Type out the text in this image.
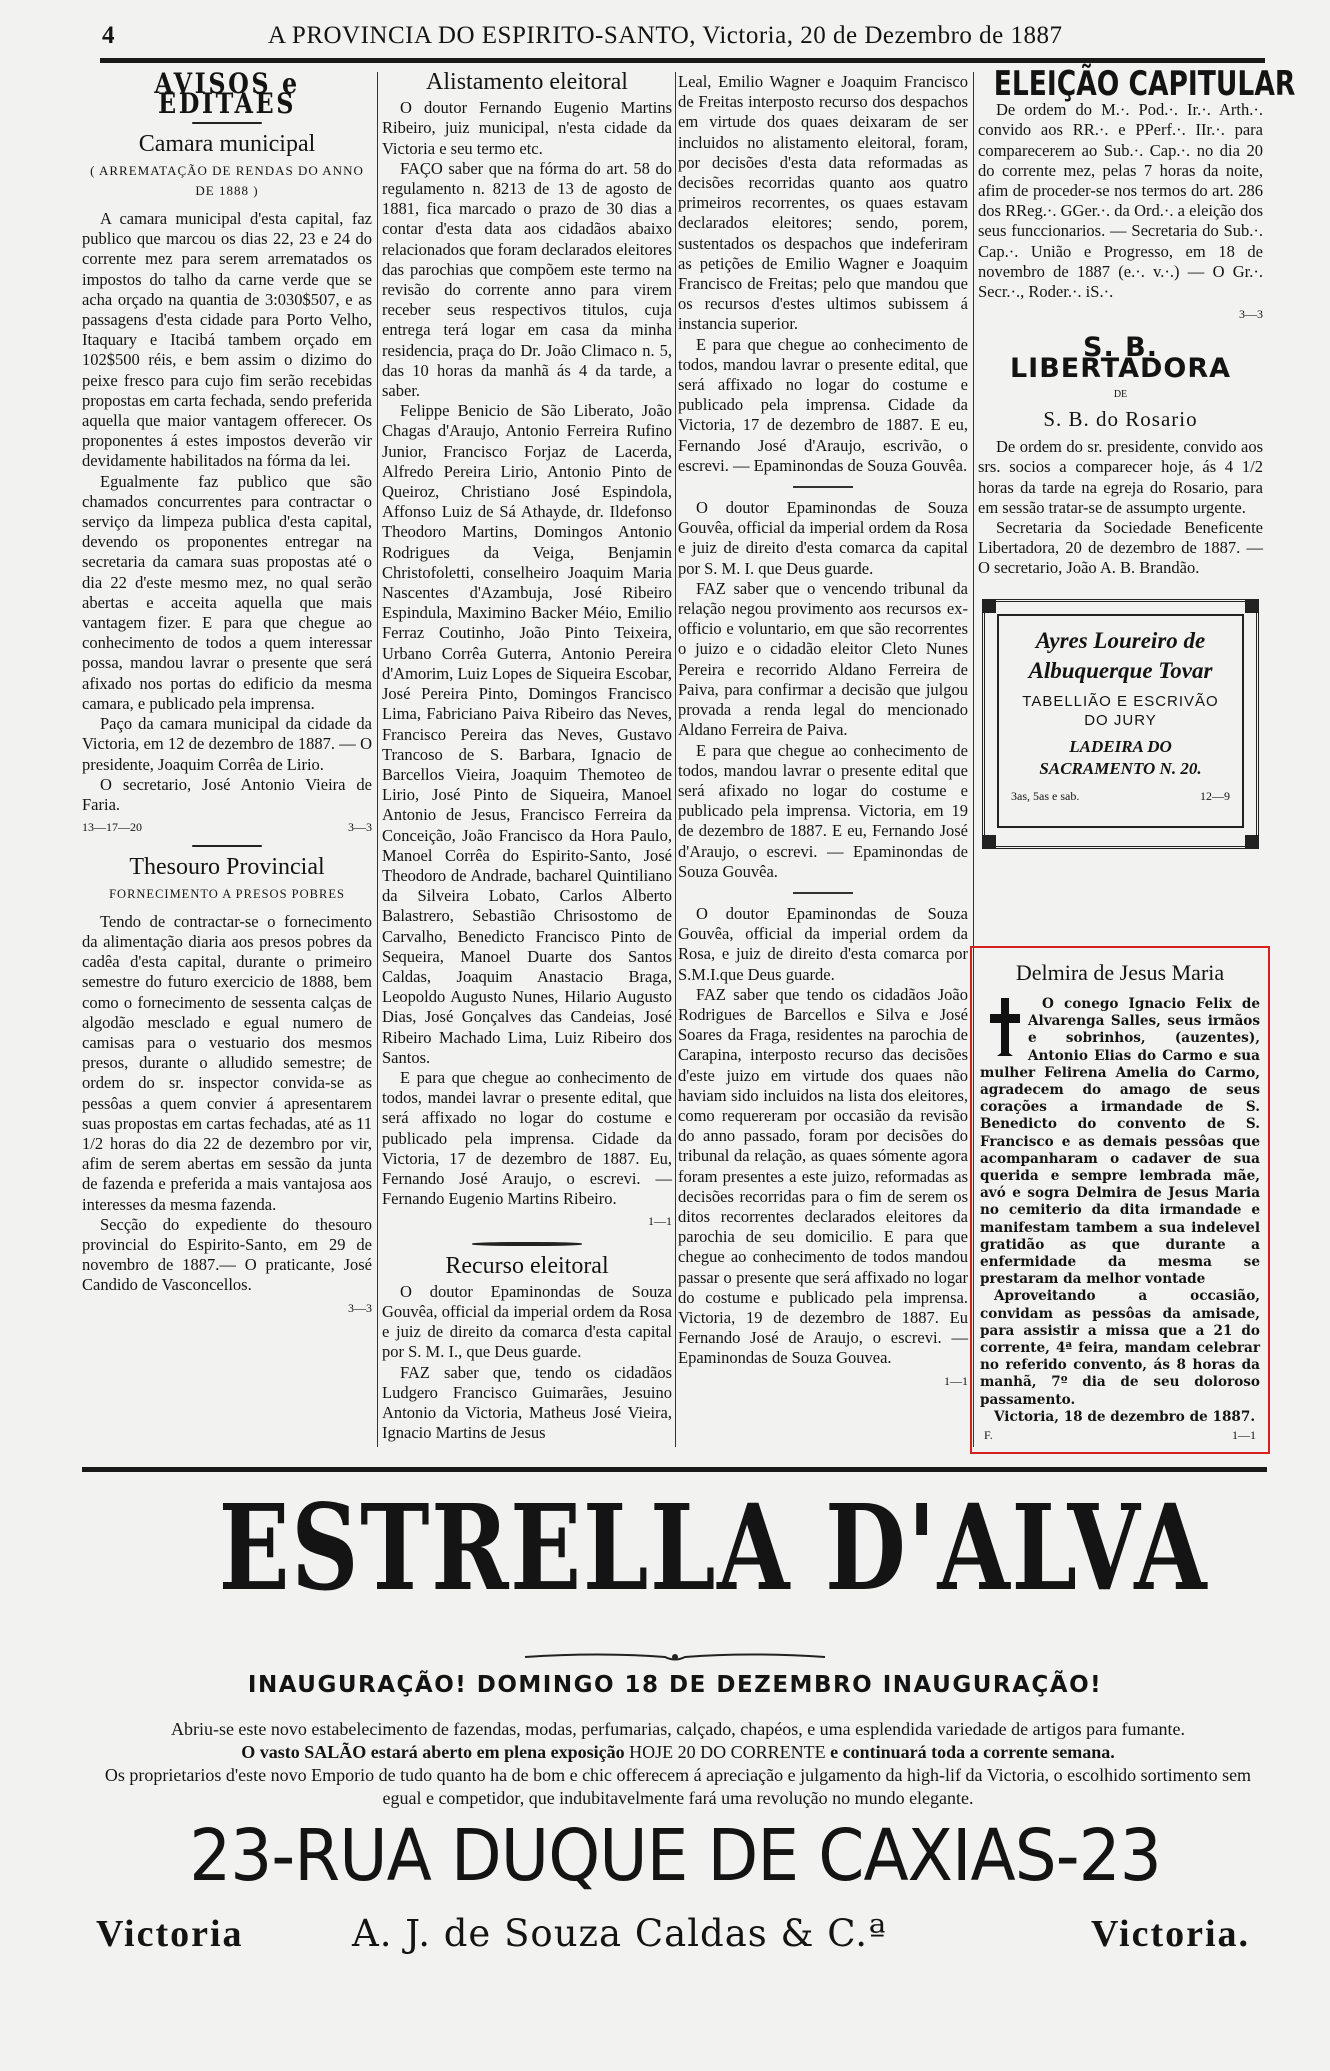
4	A PROVINCIA DO ESPIRITO-SANTO, Victoria, 20 de Dezembro de 1887
AVISOS e EDITAES
Camara municipal
( ARREMATAÇÃO DE RENDAS DO ANNO DE 1888 )

A camara municipal d'esta capital, faz publico que marcou os dias 22, 23 e 24 do corrente mez para serem arrematados os impostos do talho da carne verde que se acha orçado na quantia de 3:030$507, e as passagens d'esta cidade para Porto Velho, Itaquary e Itacibá tambem orçado em 102$500 réis, e bem assim o dizimo do peixe fresco para cujo fim serão recebidas propostas em carta fechada, sendo preferida aquella que maior vantagem offerecer. Os proponentes á estes impostos deverão vir devidamente habilitados na fórma da lei.

Egualmente faz publico que são chamados concurrentes para contractar o serviço da limpeza publica d'esta capital, devendo os proponentes entregar na secretaria da camara suas propostas até o dia 22 d'este mesmo mez, no qual serão abertas e acceita aquella que mais vantagem fizer. E para que chegue ao conhecimento de todos a quem interessar possa, mandou lavrar o presente que será afixado nos portas do edificio da mesma camara, e publicado pela imprensa.

Paço da camara municipal da cidade da Victoria, em 12 de dezembro de 1887. — O presidente, Joaquim Corrêa de Lirio.

O secretario, José Antonio Vieira de Faria.

13—17—20	3—3
Thesouro Provincial
FORNECIMENTO A PRESOS POBRES

Tendo de contractar-se o fornecimento da alimentação diaria aos presos pobres da cadêa d'esta capital, durante o primeiro semestre do futuro exercicio de 1888, bem como o fornecimento de sessenta calças de algodão mesclado e egual numero de camisas para o vestuario dos mesmos presos, durante o alludido semestre; de ordem do sr. inspector convida-se as pessôas a quem convier á apresentarem suas propostas em cartas fechadas, até as 11 1/2 horas do dia 22 de dezembro por vir, afim de serem abertas em sessão da junta de fazenda e preferida a mais vantajosa aos interesses da mesma fazenda.

Secção do expediente do thesouro provincial do Espirito-Santo, em 29 de novembro de 1887.— O praticante, José Candido de Vasconcellos.

3—3
Alistamento eleitoral

O doutor Fernando Eugenio Martins Ribeiro, juiz municipal, n'esta cidade da Victoria e seu termo etc.

FAÇO saber que na fórma do art. 58 do regulamento n. 8213 de 13 de agosto de 1881, fica marcado o prazo de 30 dias a contar d'esta data aos cidadãos abaixo relacionados que foram declarados eleitores das parochias que compõem este termo na revisão do corrente anno para virem receber seus respectivos titulos, cuja entrega terá logar em casa da minha residencia, praça do Dr. João Climaco n. 5, das 10 horas da manhã ás 4 da tarde, a saber.

Felippe Benicio de São Liberato, João Chagas d'Araujo, Antonio Ferreira Rufino Junior, Francisco Forjaz de Lacerda, Alfredo Pereira Lirio, Antonio Pinto de Queiroz, Christiano José Espindola, Affonso Luiz de Sá Athayde, dr. Ildefonso Theodoro Martins, Domingos Antonio Rodrigues da Veiga, Benjamin Christofoletti, conselheiro Joaquim Maria Nascentes d'Azambuja, José Ribeiro Espindula, Maximino Backer Méio, Emilio Ferraz Coutinho, João Pinto Teixeira, Urbano Corrêa Guterra, Antonio Pereira d'Amorim, Luiz Lopes de Siqueira Escobar, José Pereira Pinto, Domingos Francisco Lima, Fabriciano Paiva Ribeiro das Neves, Francisco Pereira das Neves, Gustavo Trancoso de S. Barbara, Ignacio de Barcellos Vieira, Joaquim Themoteo de Lirio, José Pinto de Siqueira, Manoel Antonio de Jesus, Francisco Ferreira da Conceição, João Francisco da Hora Paulo, Manoel Corrêa do Espirito-Santo, José Theodoro de Andrade, bacharel Quintiliano da Silveira Lobato, Carlos Alberto Balastrero, Sebastião Chrisostomo de Carvalho, Benedicto Francisco Pinto de Sequeira, Manoel Duarte dos Santos Caldas, Joaquim Anastacio Braga, Leopoldo Augusto Nunes, Hilario Augusto Dias, José Gonçalves das Candeias, José Ribeiro Machado Lima, Luiz Ribeiro dos Santos.

E para que chegue ao conhecimento de todos, mandei lavrar o presente edital, que será affixado no logar do costume e publicado pela imprensa. Cidade da Victoria, 17 de dezembro de 1887. Eu, Fernando José Araujo, o escrevi. — Fernando Eugenio Martins Ribeiro.

1—1
Recurso eleitoral

O doutor Epaminondas de Souza Gouvêa, official da imperial ordem da Rosa e juiz de direito da comarca d'esta capital por S. M. I., que Deus guarde.

FAZ saber que, tendo os cidadãos Ludgero Francisco Guimarães, Jesuino Antonio da Victoria, Matheus José Vieira, Ignacio Martins de Jesus

Leal, Emilio Wagner e Joaquim Francisco de Freitas interposto recurso dos despachos em virtude dos quaes deixaram de ser incluidos no alistamento eleitoral, foram, por decisões d'esta data reformadas as decisões recorridas quanto aos quatro primeiros recorrentes, os quaes estavam declarados eleitores; sendo, porem, sustentados os despachos que indeferiram as petições de Emilio Wagner e Joaquim Francisco de Freitas; pelo que mandou que os recursos d'estes ultimos subissem á instancia superior.

E para que chegue ao conhecimento de todos, mandou lavrar o presente edital, que será affixado no logar do costume e publicado pela imprensa. Cidade da Victoria, 17 de dezembro de 1887. E eu, Fernando José d'Araujo, escrivão, o escrevi. — Epaminondas de Souza Gouvêa.

O doutor Epaminondas de Souza Gouvêa, official da imperial ordem da Rosa e juiz de direito d'esta comarca da capital por S. M. I. que Deus guarde.

FAZ saber que o vencendo tribunal da relação negou provimento aos recursos ex-officio e voluntario, em que são recorrentes o juizo e o cidadão eleitor Cleto Nunes Pereira e recorrido Aldano Ferreira de Paiva, para confirmar a decisão que julgou provada a renda legal do mencionado Aldano Ferreira de Paiva.

E para que chegue ao conhecimento de todos, mandou lavrar o presente edital que será afixado no logar do costume e publicado pela imprensa. Victoria, em 19 de dezembro de 1887. E eu, Fernando José d'Araujo, o escrevi. — Epaminondas de Souza Gouvêa.

O doutor Epaminondas de Souza Gouvêa, official da imperial ordem da Rosa, e juiz de direito d'esta comarca por S.M.I.que Deus guarde.

FAZ saber que tendo os cidadãos João Rodrigues de Barcellos e Silva e José Soares da Fraga, residentes na parochia de Carapina, interposto recurso das decisões d'este juizo em virtude dos quaes não haviam sido incluidos na lista dos eleitores, como requereram por occasião da revisão do anno passado, foram por decisões do tribunal da relação, as quaes sómente agora foram presentes a este juizo, reformadas as decisões recorridas para o fim de serem os ditos recorrentes declarados eleitores da parochia de seu domicilio. E para que chegue ao conhecimento de todos mandou passar o presente que será affixado no logar do costume e publicado pela imprensa. Victoria, 19 de dezembro de 1887. Eu Fernando José de Araujo, o escrevi. — Epaminondas de Souza Gouvea.

1—1
ELEIÇÃO CAPITULAR

De ordem do M.·. Pod.·. Ir.·. Arth.·. convido aos RR.·. e PPerf.·. IIr.·. para comparecerem ao Sub.·. Cap.·. no dia 20 do corrente mez, pelas 7 horas da noite, afim de proceder-se nos termos do art. 286 dos RReg.·. GGer.·. da Ord.·. a eleição dos seus funccionarios. — Secretaria do Sub.·. Cap.·. União e Progresso, em 18 de novembro de 1887 (e.·. v.·.) — O Gr.·. Secr.·., Roder.·. iS.·.

3—3
S. B. LIBERTADORA
DE
S. B. do Rosario

De ordem do sr. presidente, convido aos srs. socios a comparecer hoje, ás 4 1/2 horas da tarde na egreja do Rosario, para em sessão tratar-se de assumpto urgente.

Secretaria da Sociedade Beneficente Libertadora, 20 de dezembro de 1887. — O secretario, João A. B. Brandão.

Ayres Loureiro de Albuquerque Tovar
TABELLIÃO E ESCRIVÃO DO JURY
LADEIRA DO SACRAMENTO N. 20.
3as, 5as e sab.	12—9
Delmira de Jesus Maria

O conego Ignacio Felix de Alvarenga Salles, seus irmãos e sobrinhos, (auzentes), Antonio Elias do Carmo e sua mulher Felirena Amelia do Carmo, agradecem do amago de seus corações a irmandade de S. Benedicto do convento de S. Francisco e as demais pessôas que acompanharam o cadaver de sua querida e sempre lembrada mãe, avó e sogra Delmira de Jesus Maria no cemiterio da dita irmandade e manifestam tambem a sua indelevel gratidão as que durante a enfermidade da mesma se prestaram da melhor vontade

Aproveitando a occasião, convidam as pessôas da amisade, para assistir a missa que a 21 do corrente, 4ª feira, mandam celebrar no referido convento, ás 8 horas da manhã, 7º dia de seu doloroso passamento.

Victoria, 18 de dezembro de 1887.

F.	1—1
ESTRELLA D'ALVA
INAUGURAÇÃO! DOMINGO 18 DE DEZEMBRO INAUGURAÇÃO!
Abriu-se este novo estabelecimento de fazendas, modas, perfumarias, calçado, chapéos, e uma esplendida variedade de artigos para fumante.
O vasto SALÃO estará aberto em plena exposição HOJE 20 DO CORRENTE e continuará toda a corrente semana.
Os proprietarios d'este novo Emporio de tudo quanto ha de bom e chic offerecem á apreciação e julgamento da high-lif da Victoria, o escolhido sortimento sem egual e competidor, que indubitavelmente fará uma revolução no mundo elegante.
23-RUA DUQUE DE CAXIAS-23
Victoria	A. J. de Souza Caldas & C.ª	Victoria.
